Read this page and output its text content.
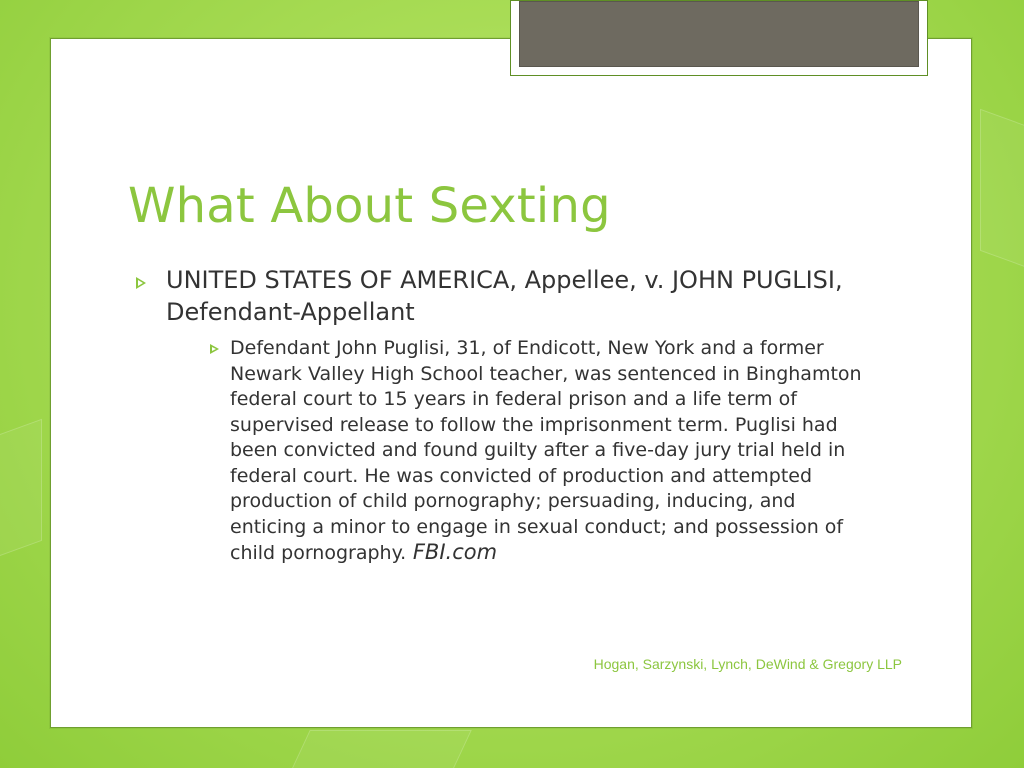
What About Sexting

UNITED STATES OF AMERICA, Appellee, v. JOHN PUGLISI, Defendant-Appellant

Defendant John Puglisi, 31, of Endicott, New York and a former Newark Valley High School teacher, was sentenced in Binghamton federal court to 15 years in federal prison and a life term of supervised release to follow the imprisonment term. Puglisi had been convicted and found guilty after a five-day jury trial held in federal court. He was convicted of production and attempted production of child pornography; persuading, inducing, and enticing a minor to engage in sexual conduct; and possession of child pornography. FBI.com

Hogan, Sarzynski, Lynch, DeWind & Gregory LLP
